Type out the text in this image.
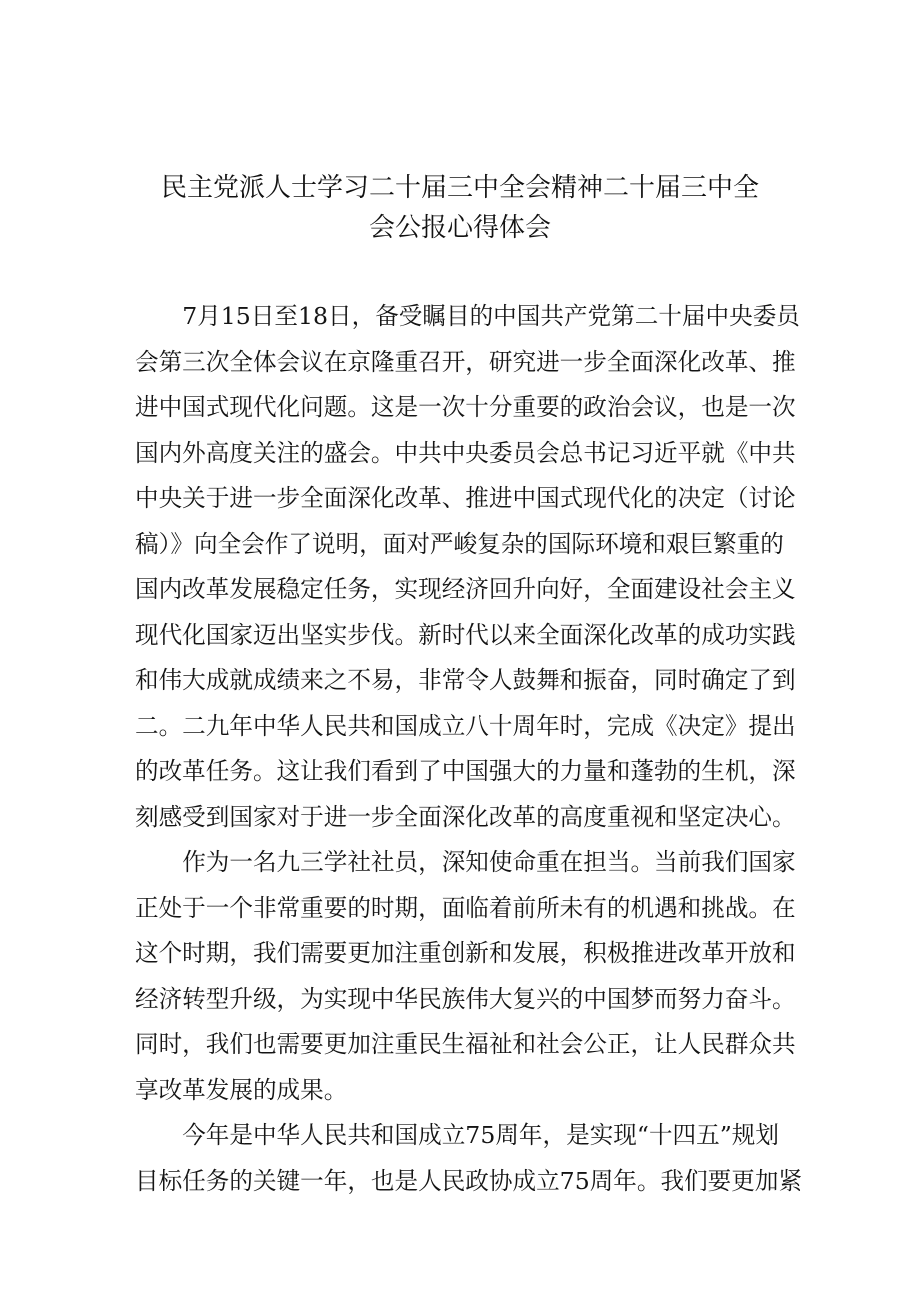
民主党派人士学习二十届三中全会精神二十届三中全
会公报心得体会

7月15日至18日，备受瞩目的中国共产党第二十届中央委员
会第三次全体会议在京隆重召开，研究进一步全面深化改革、推
进中国式现代化问题。这是一次十分重要的政治会议，也是一次
国内外高度关注的盛会。中共中央委员会总书记习近平就《中共
中央关于进一步全面深化改革、推进中国式现代化的决定（讨论
稿）》向全会作了说明，面对严峻复杂的国际环境和艰巨繁重的
国内改革发展稳定任务，实现经济回升向好，全面建设社会主义
现代化国家迈出坚实步伐。新时代以来全面深化改革的成功实践
和伟大成就成绩来之不易，非常令人鼓舞和振奋，同时确定了到
二。二九年中华人民共和国成立八十周年时，完成《决定》提出
的改革任务。这让我们看到了中国强大的力量和蓬勃的生机，深
刻感受到国家对于进一步全面深化改革的高度重视和坚定决心。

作为一名九三学社社员，深知使命重在担当。当前我们国家
正处于一个非常重要的时期，面临着前所未有的机遇和挑战。在
这个时期，我们需要更加注重创新和发展，积极推进改革开放和
经济转型升级，为实现中华民族伟大复兴的中国梦而努力奋斗。
同时，我们也需要更加注重民生福祉和社会公正，让人民群众共
享改革发展的成果。

今年是中华人民共和国成立75周年，是实现“十四五”规划
目标任务的关键一年，也是人民政协成立75周年。我们要更加紧
